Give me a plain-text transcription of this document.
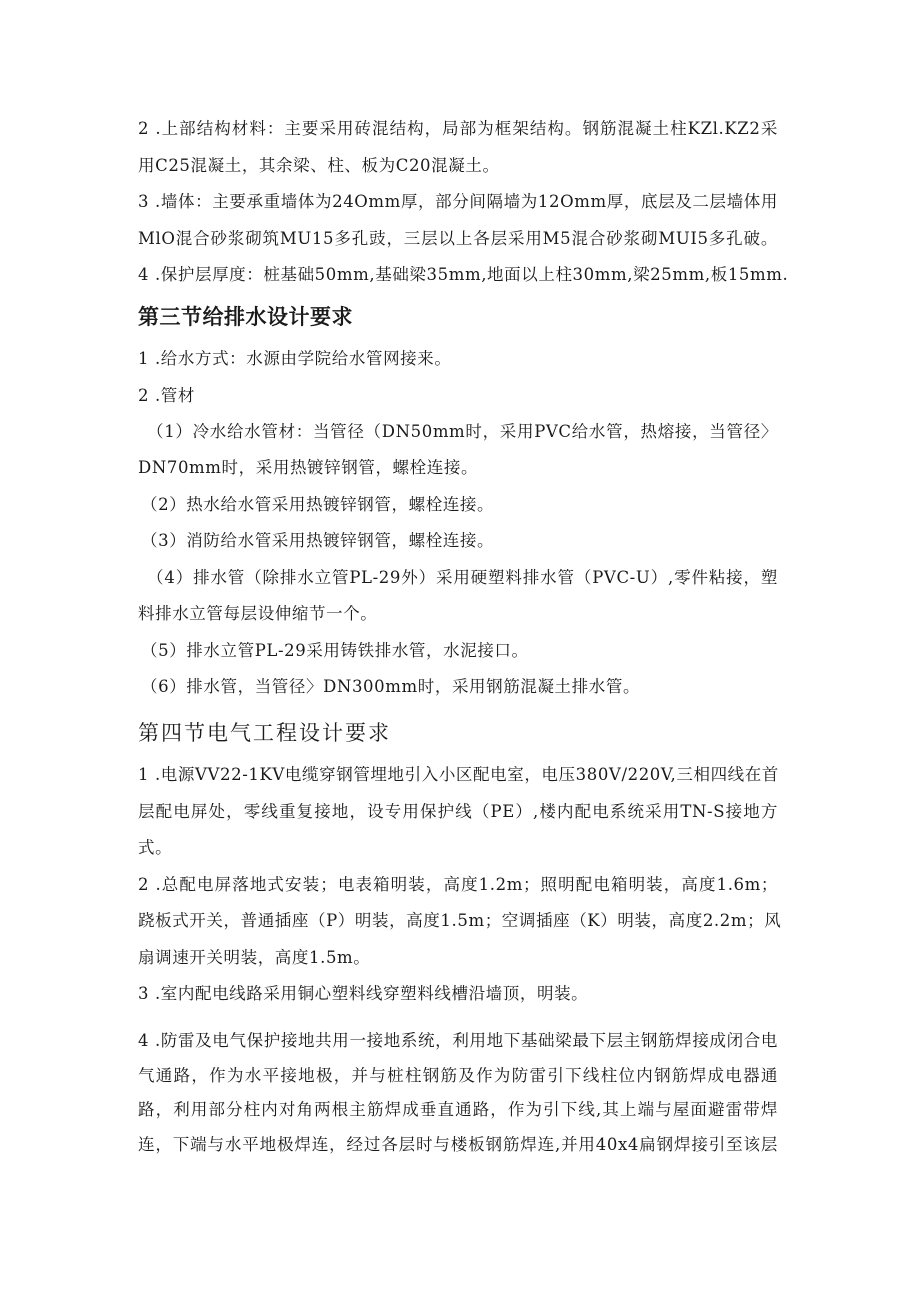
2 .上部结构材料：主要采用砖混结构，局部为框架结构。钢筋混凝土柱KZl.KZ2采
用C25混凝土，其余梁、柱、板为C20混凝土。
3 .墙体：主要承重墙体为24Omm厚，部分间隔墙为12Omm厚，底层及二层墙体用
MlO混合砂浆砌筑MU15多孔豉，三层以上各层采用M5混合砂浆砌MUI5多孔破。
4 .保护层厚度：桩基础50mm,基础梁35mm,地面以上柱30mm,梁25mm,板15mm.
第三节给排水设计要求
1 .给水方式：水源由学院给水管网接来。
2 .管材
（1）冷水给水管材：当管径（DN50mm时，采用PVC给水管，热熔接，当管径〉
DN70mm时，采用热镀锌钢管，螺栓连接。
（2）热水给水管采用热镀锌钢管，螺栓连接。
（3）消防给水管采用热镀锌钢管，螺栓连接。
（4）排水管（除排水立管PL-29外）采用硬塑料排水管（PVC-U）,零件粘接，塑
料排水立管每层设伸缩节一个。
（5）排水立管PL-29采用铸铁排水管，水泥接口。
（6）排水管，当管径〉DN300mm时，采用钢筋混凝土排水管。
第四节电气工程设计要求
1 .电源VV22-1KV电缆穿钢管埋地引入小区配电室，电压380V/220V,三相四线在首
层配电屏处，零线重复接地，设专用保护线（PE）,楼内配电系统采用TN-S接地方
式。
2 .总配电屏落地式安装；电表箱明装，高度1.2m；照明配电箱明装，高度1.6m；
跷板式开关，普通插座（P）明装，高度1.5m；空调插座（K）明装，高度2.2m；风
扇调速开关明装，高度1.5m。
3 .室内配电线路采用铜心塑料线穿塑料线槽沿墙顶，明装。
4 .防雷及电气保护接地共用一接地系统，利用地下基础梁最下层主钢筋焊接成闭合电
气通路，作为水平接地极，并与桩柱钢筋及作为防雷引下线柱位内钢筋焊成电器通
路，利用部分柱内对角两根主筋焊成垂直通路，作为引下线,其上端与屋面避雷带焊
连，下端与水平地极焊连，经过各层时与楼板钢筋焊连,并用40x4扁钢焊接引至该层
